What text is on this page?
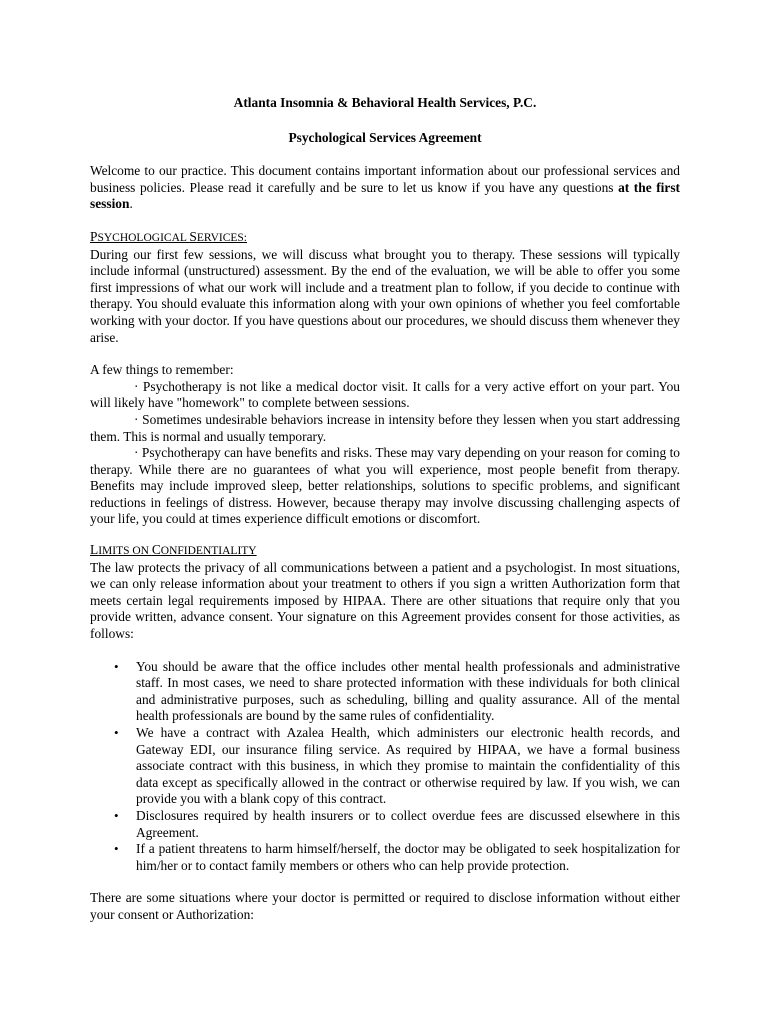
Atlanta Insomnia & Behavioral Health Services, P.C.
Psychological Services Agreement

Welcome to our practice. This document contains important information about our professional services and business policies. Please read it carefully and be sure to let us know if you have any questions at the first session.

PSYCHOLOGICAL SERVICES:

During our first few sessions, we will discuss what brought you to therapy. These sessions will typically include informal (unstructured) assessment. By the end of the evaluation, we will be able to offer you some first impressions of what our work will include and a treatment plan to follow, if you decide to continue with therapy. You should evaluate this information along with your own opinions of whether you feel comfortable working with your doctor. If you have questions about our procedures, we should discuss them whenever they arise.

A few things to remember:

· Psychotherapy is not like a medical doctor visit. It calls for a very active effort on your part. You will likely have "homework" to complete between sessions.

· Sometimes undesirable behaviors increase in intensity before they lessen when you start addressing them. This is normal and usually temporary.

· Psychotherapy can have benefits and risks. These may vary depending on your reason for coming to therapy. While there are no guarantees of what you will experience, most people benefit from therapy. Benefits may include improved sleep, better relationships, solutions to specific problems, and significant reductions in feelings of distress. However, because therapy may involve discussing challenging aspects of your life, you could at times experience difficult emotions or discomfort.

LIMITS ON CONFIDENTIALITY

The law protects the privacy of all communications between a patient and a psychologist. In most situations, we can only release information about your treatment to others if you sign a written Authorization form that meets certain legal requirements imposed by HIPAA. There are other situations that require only that you provide written, advance consent. Your signature on this Agreement provides consent for those activities, as follows:

• You should be aware that the office includes other mental health professionals and administrative staff. In most cases, we need to share protected information with these individuals for both clinical and administrative purposes, such as scheduling, billing and quality assurance. All of the mental health professionals are bound by the same rules of confidentiality.
• We have a contract with Azalea Health, which administers our electronic health records, and Gateway EDI, our insurance filing service. As required by HIPAA, we have a formal business associate contract with this business, in which they promise to maintain the confidentiality of this data except as specifically allowed in the contract or otherwise required by law. If you wish, we can provide you with a blank copy of this contract.
• Disclosures required by health insurers or to collect overdue fees are discussed elsewhere in this Agreement.
• If a patient threatens to harm himself/herself, the doctor may be obligated to seek hospitalization for him/her or to contact family members or others who can help provide protection.

There are some situations where your doctor is permitted or required to disclose information without either your consent or Authorization:
